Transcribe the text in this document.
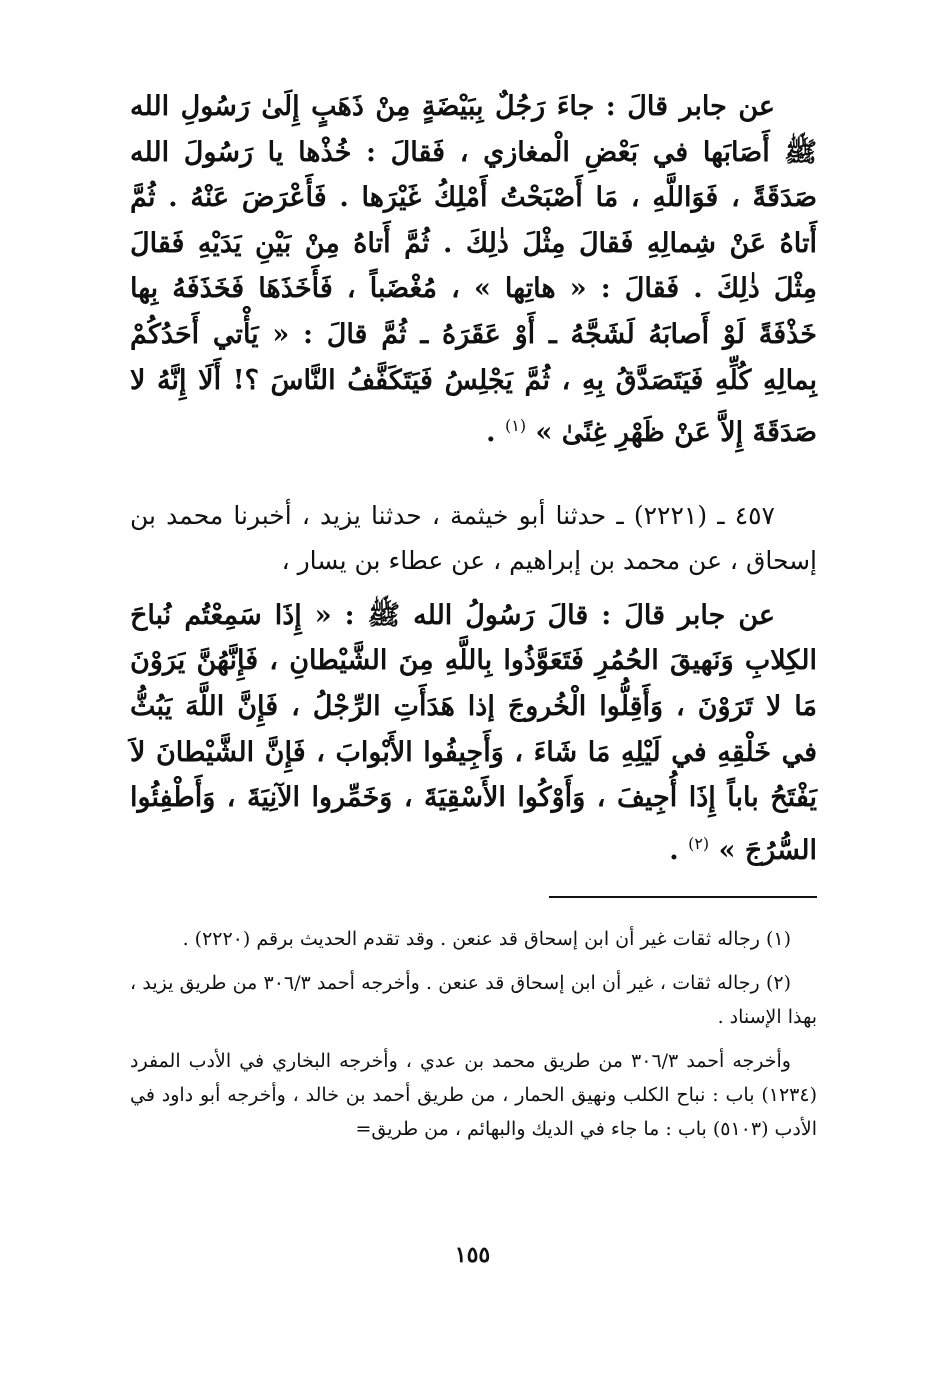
عن جابر قالَ : جاءَ رَجُلٌ بِبَيْضَةٍ مِنْ ذَهَبٍ إِلَىٰ رَسُولِ الله ﷺ أَصَابَها في بَعْضِ الْمغازي ، فَقالَ : خُذْها يا رَسُولَ الله صَدَقَةً ، فَوَاللَّهِ ، مَا أَصْبَحْتُ أَمْلِكُ غَيْرَها . فَأَعْرَضَ عَنْهُ . ثُمَّ أَتاهُ عَنْ شِمالِهِ فَقالَ مِثْلَ ذٰلِكَ . ثُمَّ أَتاهُ مِنْ بَيْنِ يَدَيْهِ فَقالَ مِثْلَ ذٰلِكَ . فَقالَ : « هاتِها » ، مُغْضَباً ، فَأَخَذَهَا فَخَذَفَهُ بِها خَذْفَةً لَوْ أَصابَهُ لَشَجَّهُ ـ أَوْ عَقَرَهُ ـ ثُمَّ قالَ : « يَأْتي أَحَدُكُمْ بِمالِهِ كُلِّهِ فَيَتَصَدَّقُ بِهِ ، ثُمَّ يَجْلِسُ فَيَتَكَفَّفُ النَّاسَ ؟! أَلَا إِنَّهُ لا صَدَقَةَ إِلاَّ عَنْ ظَهْرِ غِنًىٰ » $^{(١)}$ .

٤٥٧ ـ (٢٢٢١) ـ حدثنا أبو خيثمة ، حدثنا يزيد ، أخبرنا محمد بن إسحاق ، عن محمد بن إبراهيم ، عن عطاء بن يسار ،

عن جابر قالَ : قالَ رَسُولُ الله ﷺ : « إِذَا سَمِعْتُم نُباحَ الكِلابِ وَنَهيقَ الحُمُرِ فَتَعَوَّذُوا بِاللَّهِ مِنَ الشَّيْطانِ ، فَإِنَّهُنَّ يَرَوْنَ مَا لا تَرَوْنَ ، وَأَقِلُّوا الْخُروجَ إذا هَدَأَتِ الرِّجْلُ ، فَإِنَّ اللَّهَ يَبُثُّ في خَلْقِهِ في لَيْلِهِ مَا شَاءَ ، وَأَجِيفُوا الأَبْوابَ ، فَإِنَّ الشَّيْطانَ لاَ يَفْتَحُ باباً إِذَا أُجِيفَ ، وَأَوْكُوا الأَسْقِيَةَ ، وَخَمِّروا الآنِيَةَ ، وَأَطْفِئُوا السُّرُجَ » $^{(٢)}$ .

(١) رجاله ثقات غير أن ابن إسحاق قد عنعن . وقد تقدم الحديث برقم (٢٢٢٠) .

(٢) رجاله ثقات ، غير أن ابن إسحاق قد عنعن . وأخرجه أحمد ٣٠٦/٣ من طريق يزيد ، بهذا الإسناد .

وأخرجه أحمد ٣٠٦/٣ من طريق محمد بن عدي ، وأخرجه البخاري في الأدب المفرد (١٢٣٤) باب : نباح الكلب ونهيق الحمار ، من طريق أحمد بن خالد ، وأخرجه أبو داود في الأدب (٥١٠٣) باب : ما جاء في الديك والبهائم ، من طريق=

١٥٥
